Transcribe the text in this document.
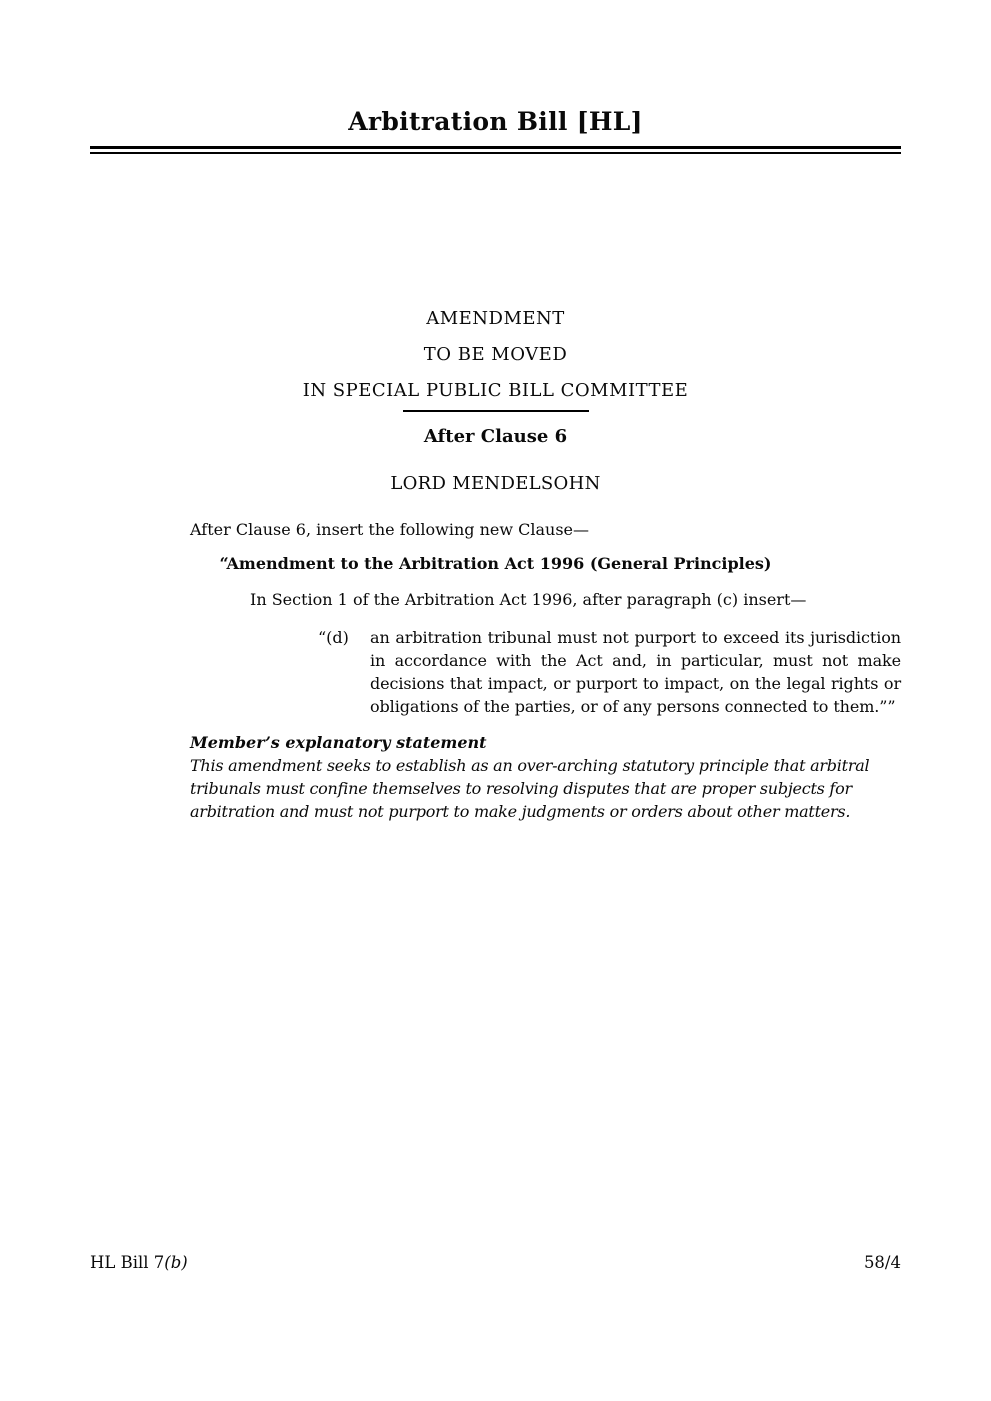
Arbitration Bill [HL]
AMENDMENT
TO BE MOVED
IN SPECIAL PUBLIC BILL COMMITTEE
After Clause 6
LORD MENDELSOHN

After Clause 6, insert the following new Clause—

“Amendment to the Arbitration Act 1996 (General Principles)

In Section 1 of the Arbitration Act 1996, after paragraph (c) insert—

“(d)	an arbitration tribunal must not purport to exceed its jurisdiction in accordance with the Act and, in particular, must not make decisions that impact, or purport to impact, on the legal rights or obligations of the parties, or of any persons connected to them.””

Member’s explanatory statement

This amendment seeks to establish as an over-arching statutory principle that arbitral tribunals must confine themselves to resolving disputes that are proper subjects for arbitration and must not purport to make judgments or orders about other matters.

HL Bill 7(b)	58/4
